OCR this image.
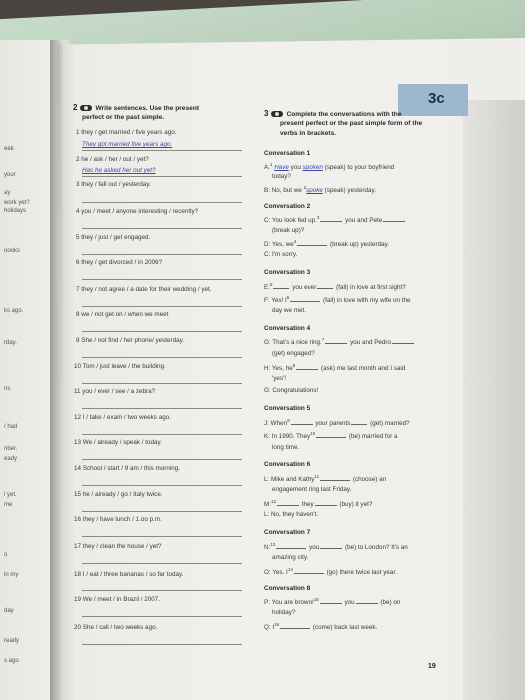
eek
your
ay
work yet?
holidays
oooks
ks ago.
rday.
ns
/ had
nber.
eady
l yet.
me
o
in my
day
ready
s ago
3c
2	Write sentences. Use the present
perfect or the past simple.
1 they / get married / five years ago.
They got married five years ago.
2 he / ask / her / out / yet?
Has he asked her out yet?
3 they / fall out / yesterday.
4 you / meet / anyone interesting / recently?
5 they / just / get engaged.
6 they / get divorced / in 2006?
7 they / not agree / a date for their wedding / yet.
8 we / not get on / when we meet
9 She / not find / her phone/ yesterday.
10 Tom / just leave / the building.
11 you / ever / see / a zebra?
12 I / take / exam / two weeks ago.
13 We / already / speak / today.
14 School / start / 9 am / this morning.
15 he / already / go / Italy twice.
16 they / have lunch / 1.oo p.m.
17 they / clean the house / yet?
18 I / eat / three bananas / so far today.
19 We / meet / in Brazil / 2007.
20 She / call / two weeks ago.
3	Complete the conversations with the
present perfect or the past simple form of the
verbs in brackets.
Conversation 1
A:$^1$ Have you spoken (speak) to your boyfriend
today?
B: No, but we $^2$spoke (speak) yesterday.
Conversation 2
C: You look fed up.$^3$	you and Pete
(break up)?
D: Yes, $we^4$	(break up) yesterday.
C: I'm sorry.
Conversation 3
E:$^5$	you ever	(fall) in love at first sight?
F: Yes! $I^6$	(fall) in love with my wife on the
day we met.
Conversation 4
G: That's a nice ring.$^7$	you and Pedro
(get) engaged?
H: Yes, $he^8$	(ask) me last month and I said
'yes'!
G: Congratulations!
Conversation 5
J: When$^9$	your parents	(get) married?
K: In 1990. They$^{10}$	(be) married for a
long time.
Conversation 6
L: Mike and Kathy$^{11}$	(choose) an
engagement ring last Friday.
M:$^{12}$	they	(buy) it yet?
L: No, they haven't.
Conversation 7
N:$^{13}$	you	(be) to London? It's an
amazing city.
O: Yes. $I^{14}$	(go) there twice last year.
Conversation 8
P: You are brown!$^{15}$	you	(be) on
holiday?
Q: $I^{16}$	(come) back last week.
19
